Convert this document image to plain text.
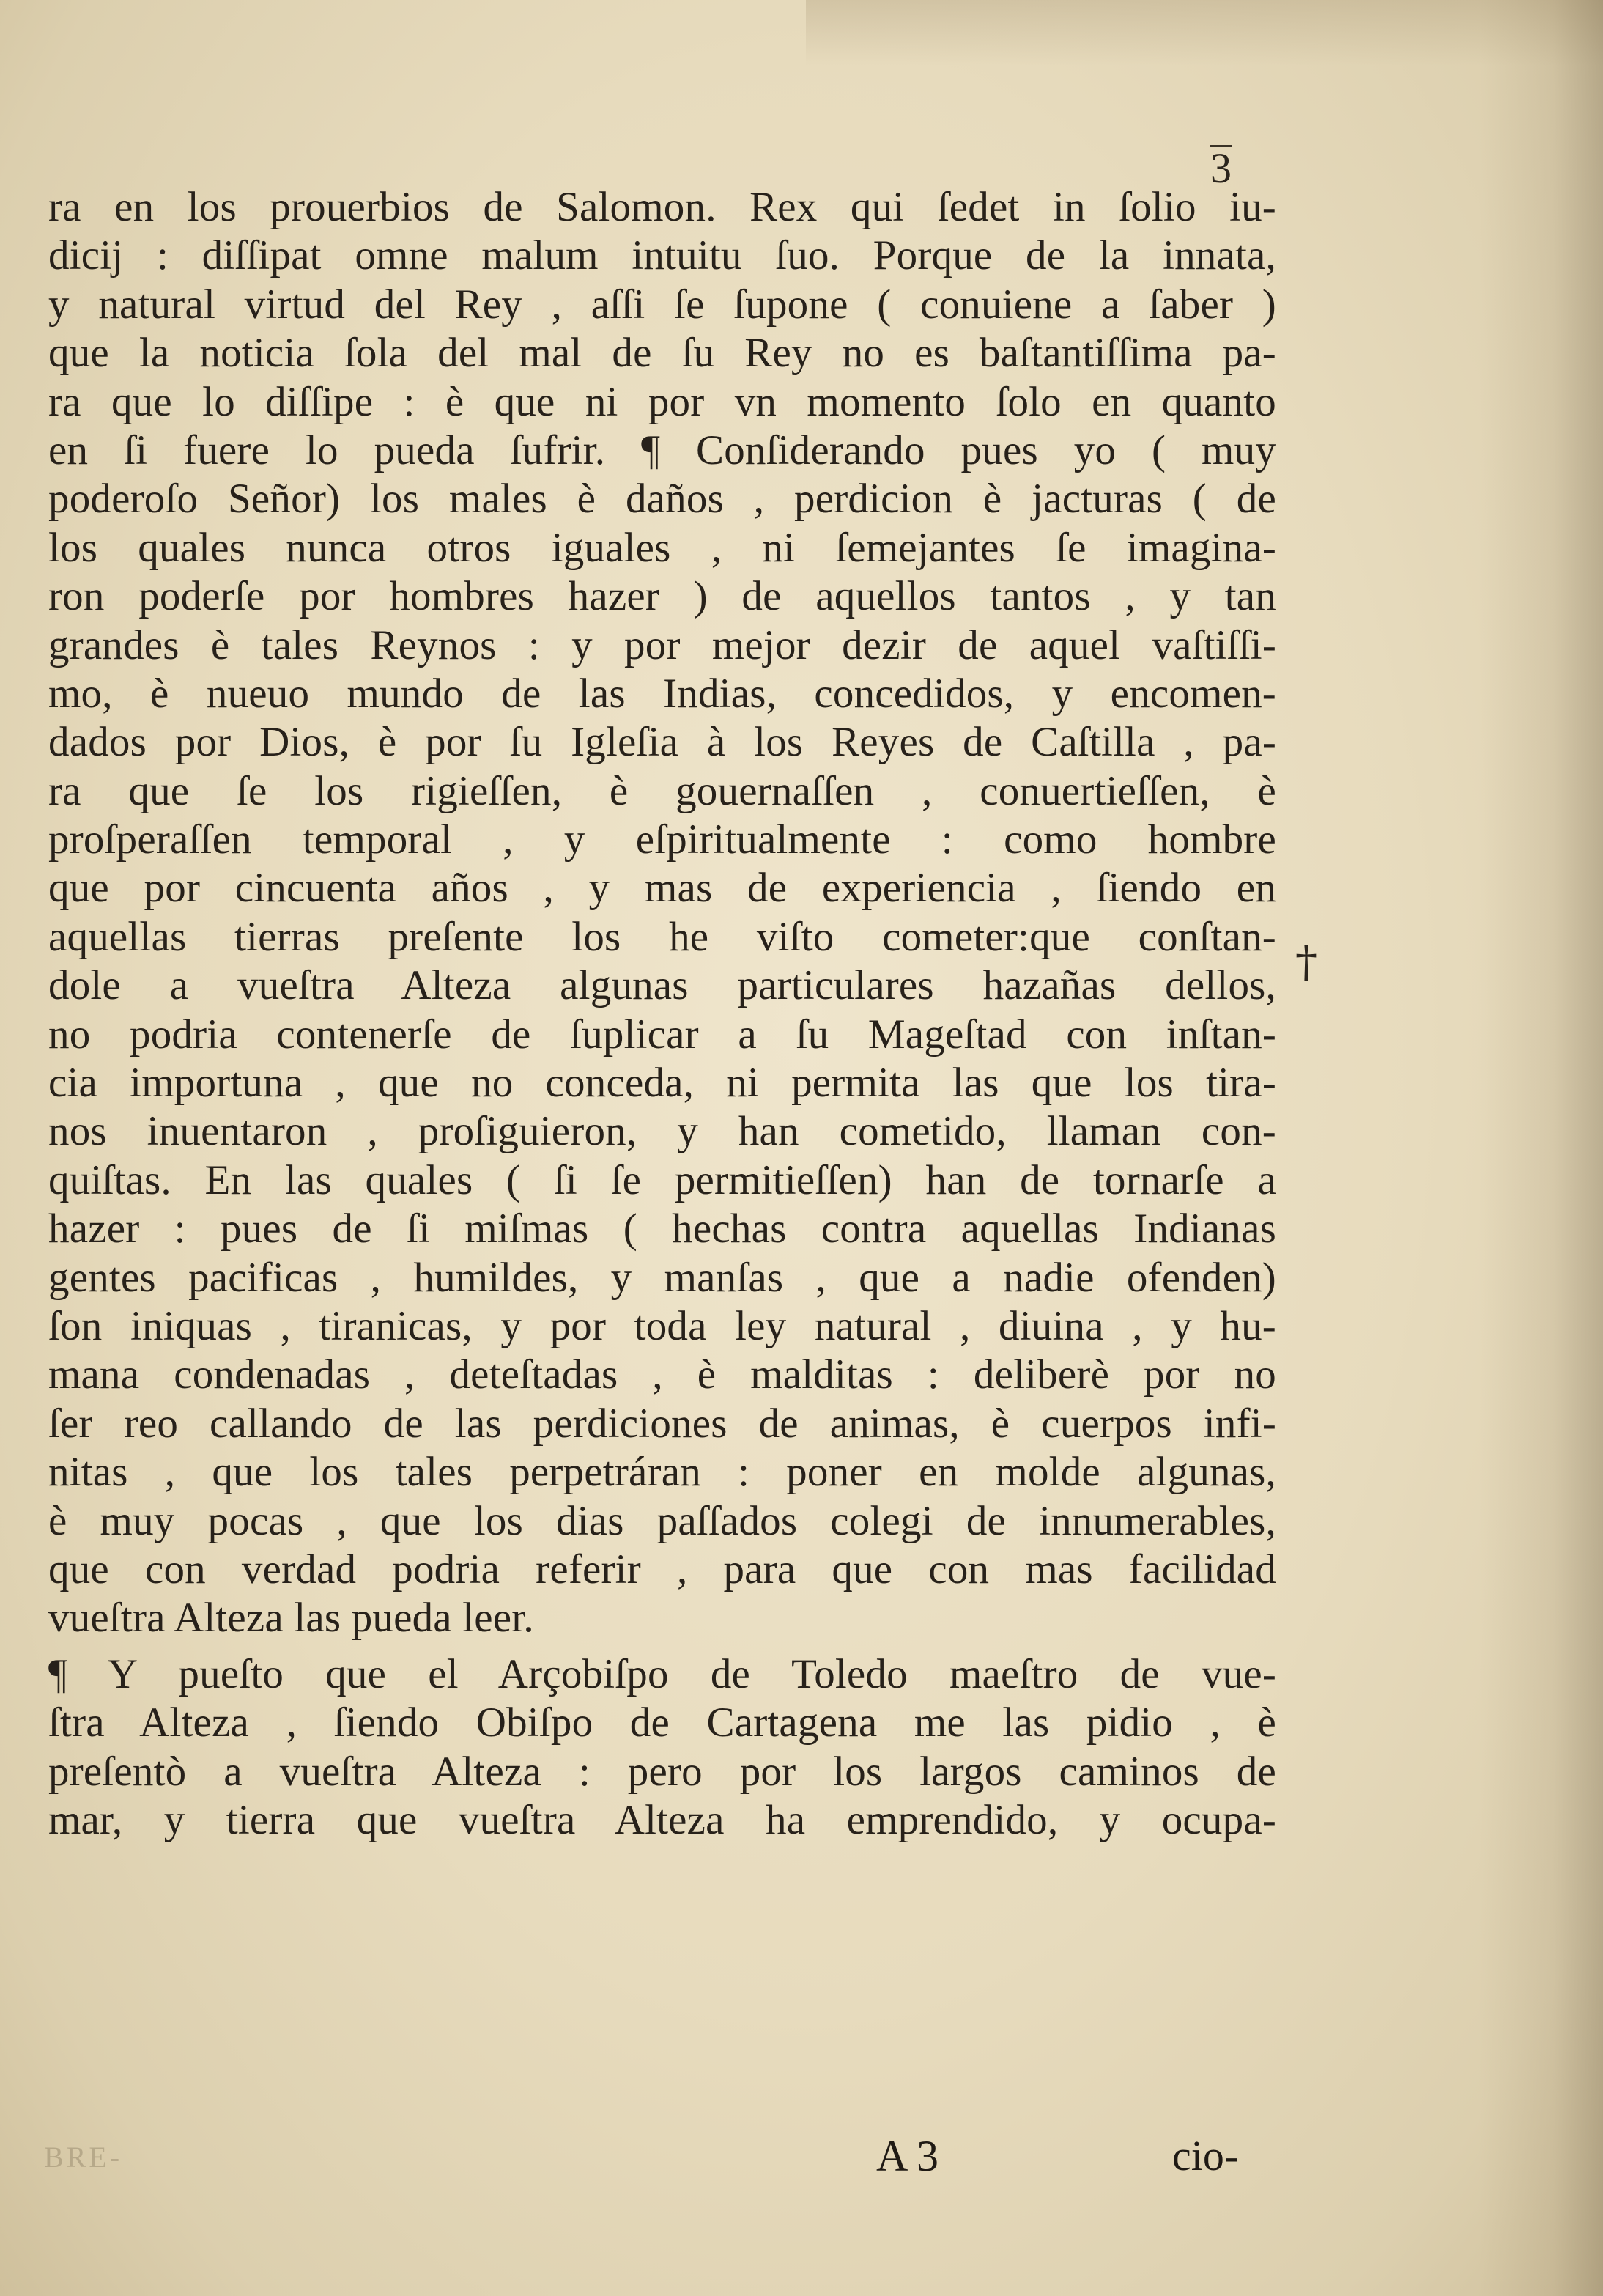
3
ra en los prouerbios de Salomon. Rex qui ſedet in ſolio iu-
dicij : diſſipat omne malum intuitu ſuo. Porque de la innata,
y natural virtud del Rey , aſſi ſe ſupone ( conuiene a ſaber )
que la noticia ſola del mal de ſu Rey no es baſtantiſſima pa-
ra que lo diſſipe : è que ni por vn momento ſolo en quanto
en ſi fuere lo pueda ſufrir. ¶ Conſiderando pues yo ( muy
poderoſo Señor) los males è daños , perdicion è jacturas ( de
los quales nunca otros iguales , ni ſemejantes ſe imagina-
ron poderſe por hombres hazer ) de aquellos tantos , y tan
grandes è tales Reynos : y por mejor dezir de aquel vaſtiſſi-
mo, è nueuo mundo de las Indias, concedidos, y encomen-
dados por Dios, è por ſu Igleſia à los Reyes de Caſtilla , pa-
ra que ſe los rigieſſen, è gouernaſſen , conuertieſſen, è
proſperaſſen temporal , y eſpiritualmente : como hombre
que por cincuenta años , y mas de experiencia , ſiendo en
aquellas tierras preſente los he viſto cometer:que conſtan-
dole a vueſtra Alteza algunas particulares hazañas dellos,
no podria contenerſe de ſuplicar a ſu Mageſtad con inſtan-
cia importuna , que no conceda, ni permita las que los tira-
nos inuentaron , proſiguieron, y han cometido, llaman con-
quiſtas. En las quales ( ſi ſe permitieſſen) han de tornarſe a
hazer : pues de ſi miſmas ( hechas contra aquellas Indianas
gentes pacificas , humildes, y manſas , que a nadie ofenden)
ſon iniquas , tiranicas, y por toda ley natural , diuina , y hu-
mana condenadas , deteſtadas , è malditas : deliberè por no
ſer reo callando de las perdiciones de animas, è cuerpos infi-
nitas , que los tales perpetráran : poner en molde algunas,
è muy pocas , que los dias paſſados colegi de innumerables,
que con verdad podria referir , para que con mas facilidad
vueſtra Alteza las pueda leer.
¶ Y pueſto que el Arçobiſpo de Toledo maeſtro de vue-
ſtra Alteza , ſiendo Obiſpo de Cartagena me las pidio , è
preſentò a vueſtra Alteza : pero por los largos caminos de
mar, y tierra que vueſtra Alteza ha emprendido, y ocupa-
†
BRE-	A 3	cio-
